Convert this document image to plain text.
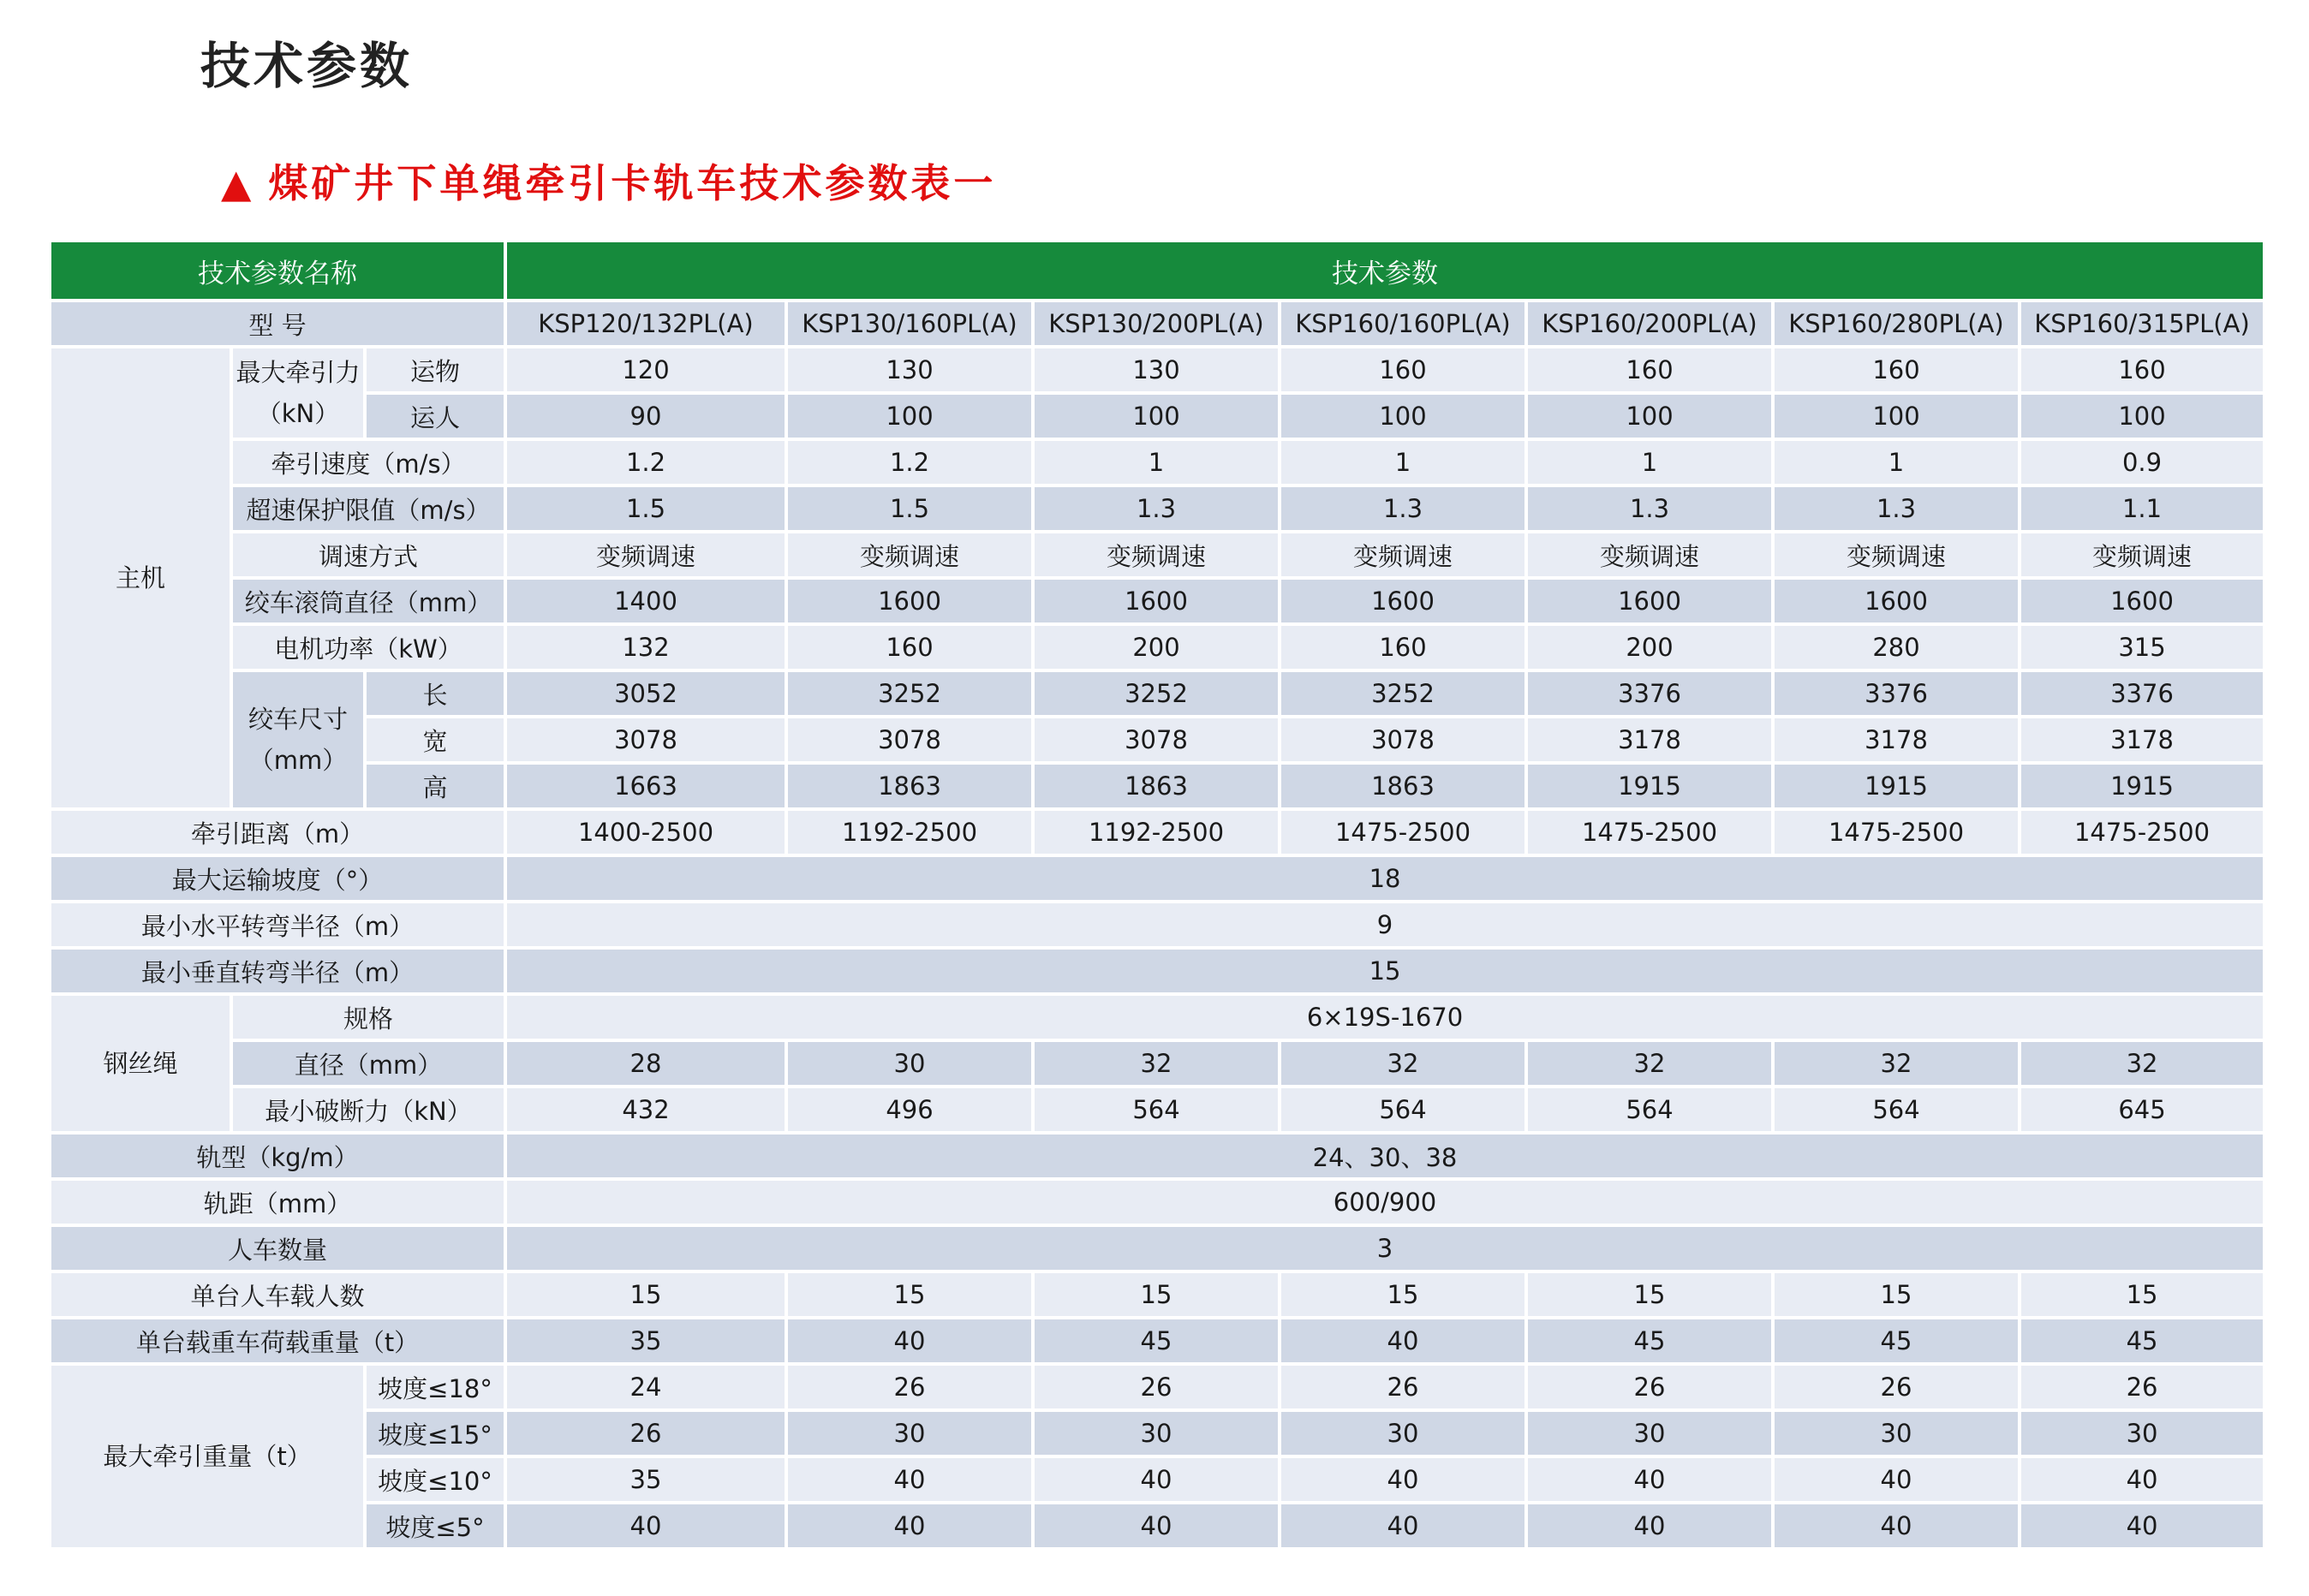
技术参数
▲ 煤矿井下单绳牵引卡轨车技术参数表一
技术参数名称			技术参数						
型 号			KSP120/132PL(A)	KSP130/160PL(A)	KSP130/200PL(A)	KSP160/160PL(A)	KSP160/200PL(A)	KSP160/280PL(A)	KSP160/315PL(A)
主机	最大牵引力（kN）	运物	120	130	130	160	160	160	160
		运人	90	100	100	100	100	100	100
	牵引速度（m/s）		1.2	1.2	1	1	1	1	0.9
	超速保护限值（m/s）		1.5	1.5	1.3	1.3	1.3	1.3	1.1
	调速方式		变频调速	变频调速	变频调速	变频调速	变频调速	变频调速	变频调速
	绞车滚筒直径（mm）		1400	1600	1600	1600	1600	1600	1600
	电机功率（kW）		132	160	200	160	200	280	315
	绞车尺寸（mm）	长	3052	3252	3252	3252	3376	3376	3376
		宽	3078	3078	3078	3078	3178	3178	3178
		高	1663	1863	1863	1863	1915	1915	1915
牵引距离（m）			1400-2500	1192-2500	1192-2500	1475-2500	1475-2500	1475-2500	1475-2500
最大运输坡度（°）			18						
最小水平转弯半径（m）			9						
最小垂直转弯半径（m）			15						
钢丝绳	规格		6×19S-1670						
	直径（mm）		28	30	32	32	32	32	32
	最小破断力（kN）		432	496	564	564	564	564	645
轨型（kg/m）			24、30、38						
轨距（mm）			600/900						
人车数量			3						
单台人车载人数			15	15	15	15	15	15	15
单台载重车荷载重量（t）			35	40	45	40	45	45	45
最大牵引重量（t）		坡度≤18°	24	26	26	26	26	26	26
		坡度≤15°	26	30	30	30	30	30	30
		坡度≤10°	35	40	40	40	40	40	40
		坡度≤5°	40	40	40	40	40	40	40
